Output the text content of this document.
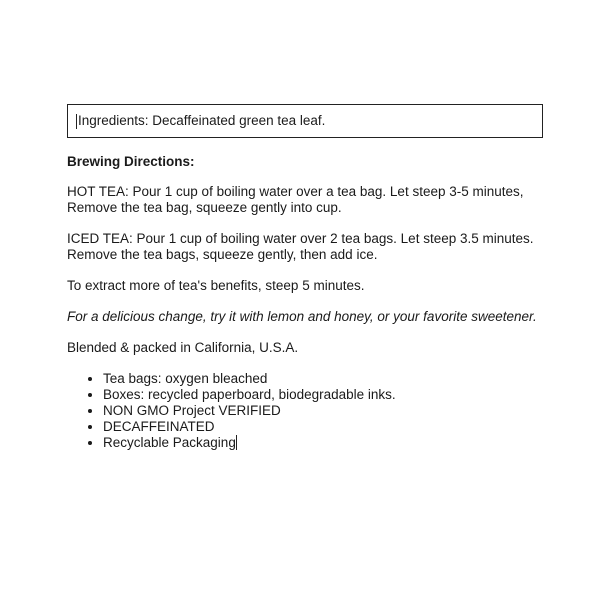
Ingredients: Decaffeinated green tea leaf.
Brewing Directions:

HOT TEA: Pour 1 cup of boiling water over a tea bag. Let steep 3-5 minutes, Remove the tea bag, squeeze gently into cup.

ICED TEA: Pour 1 cup of boiling water over 2 tea bags. Let steep 3.5 minutes. Remove the tea bags, squeeze gently, then add ice.

To extract more of tea's benefits, steep 5 minutes.

For a delicious change, try it with lemon and honey, or your favorite sweetener.

Blended & packed in California, U.S.A.

• Tea bags: oxygen bleached
• Boxes: recycled paperboard, biodegradable inks.
• NON GMO Project VERIFIED
• DECAFFEINATED
• Recyclable Packaging
